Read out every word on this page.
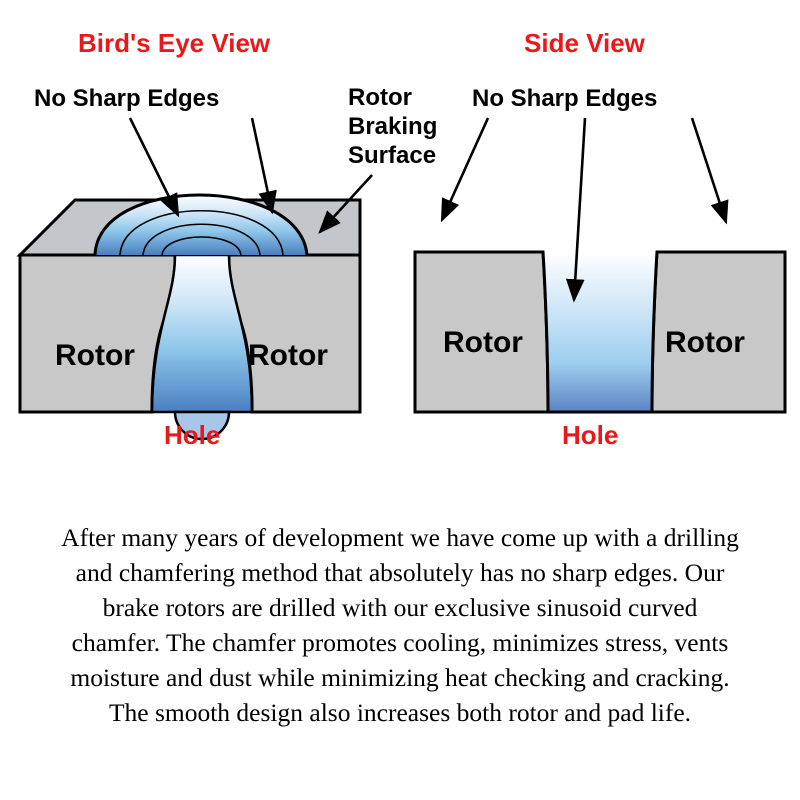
Rotor	Rotor
Bird's Eye View
No Sharp Edges	Rotor
Braking
Surface
Hole
Rotor	Rotor
Side View
No Sharp Edges
Hole

After many years of development we have come up with a drilling

and chamfering method that absolutely has no sharp edges. Our

brake rotors are drilled with our exclusive sinusoid curved

chamfer. The chamfer promotes cooling, minimizes stress, vents

moisture and dust while minimizing heat checking and cracking.

The smooth design also increases both rotor and pad life.
